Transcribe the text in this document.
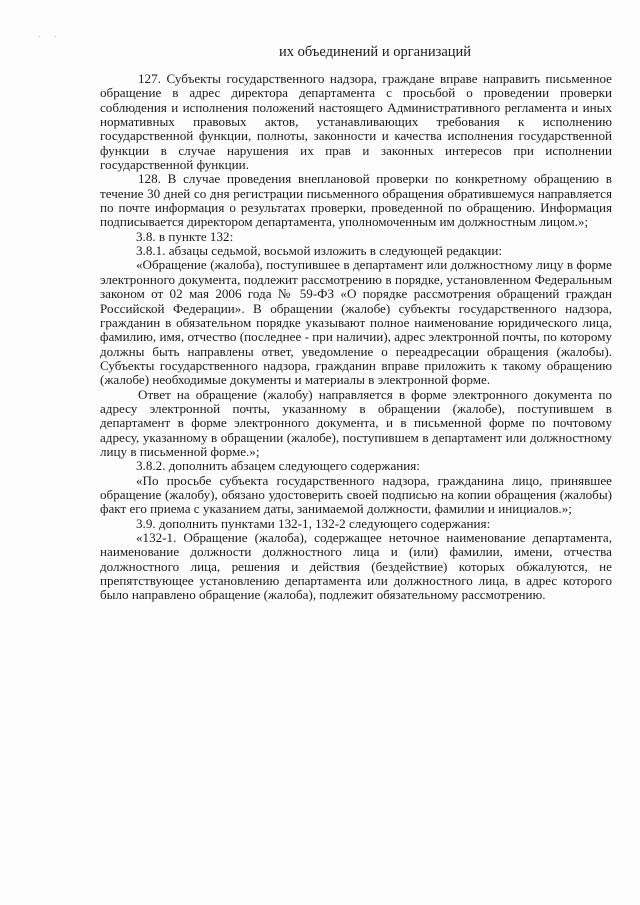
. .
их объединений и организаций

127. Субъекты государственного надзора, граждане вправе направить письменное обращение в адрес директора департамента с просьбой о проведении проверки соблюдения и исполнения положений настоящего Административного регламента и иных нормативных правовых актов, устанавливающих требования к исполнению государственной функции, полноты, законности и качества исполнения государственной функции в случае нарушения их прав и законных интересов при исполнении государственной функции.

128. В случае проведения внеплановой проверки по конкретному обращению в течение 30 дней со дня регистрации письменного обращения обратившемуся направляется по почте информация о результатах проверки, проведенной по обращению. Информация подписывается директором департамента, уполномоченным им должностным лицом.»;

3.8. в пункте 132:

3.8.1. абзацы седьмой, восьмой изложить в следующей редакции:

«Обращение (жалоба), поступившее в департамент или должностному лицу в форме электронного документа, подлежит рассмотрению в порядке, установленном Федеральным законом от 02 мая 2006 года № 59-ФЗ «О порядке рассмотрения обращений граждан Российской Федерации». В обращении (жалобе) субъекты государственного надзора, гражданин в обязательном порядке указывают полное наименование юридического лица, фамилию, имя, отчество (последнее - при наличии), адрес электронной почты, по которому должны быть направлены ответ, уведомление о переадресации обращения (жалобы). Субъекты государственного надзора, гражданин вправе приложить к такому обращению (жалобе) необходимые документы и материалы в электронной форме.

Ответ на обращение (жалобу) направляется в форме электронного документа по адресу электронной почты, указанному в обращении (жалобе), поступившем в департамент в форме электронного документа, и в письменной форме по почтовому адресу, указанному в обращении (жалобе), поступившем в департамент или должностному лицу в письменной форме.»;

3.8.2. дополнить абзацем следующего содержания:

«По просьбе субъекта государственного надзора, гражданина лицо, принявшее обращение (жалобу), обязано удостоверить своей подписью на копии обращения (жалобы) факт его приема с указанием даты, занимаемой должности, фамилии и инициалов.»;

3.9. дополнить пунктами 132-1, 132-2 следующего содержания:

«132-1. Обращение (жалоба), содержащее неточное наименование департамента, наименование должности должностного лица и (или) фамилии, имени, отчества должностного лица, решения и действия (бездействие) которых обжалуются, не препятствующее установлению департамента или должностного лица, в адрес которого было направлено обращение (жалоба), подлежит обязательному рассмотрению.
